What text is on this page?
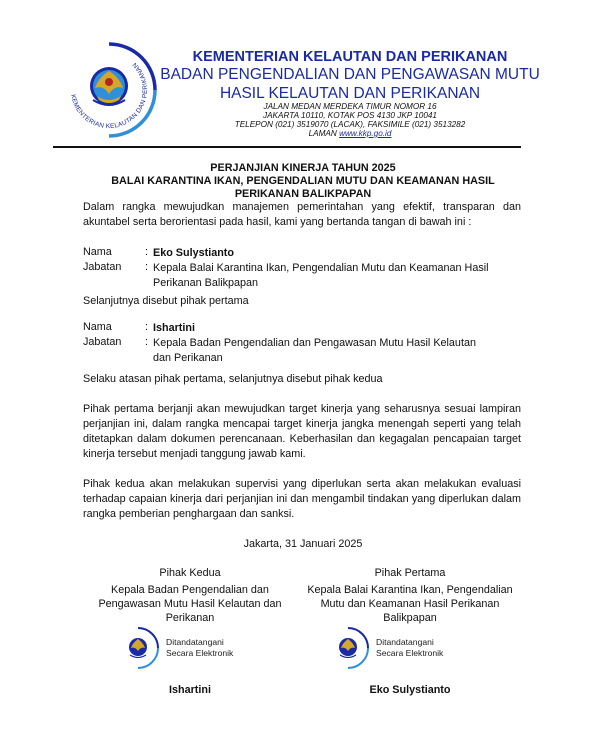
KEMENTERIAN KELAUTAN DAN PERIKANAN
KEMENTERIAN KELAUTAN DAN PERIKANAN
BADAN PENGENDALIAN DAN PENGAWASAN MUTU
HASIL KELAUTAN DAN PERIKANAN
JALAN MEDAN MERDEKA TIMUR NOMOR 16
JAKARTA 10110, KOTAK POS 4130 JKP 10041
TELEPON (021) 3519070 (LACAK), FAKSIMILE (021) 3513282
LAMAN www.kkp.go.id
PERJANJIAN KINERJA TAHUN 2025
BALAI KARANTINA IKAN, PENGENDALIAN MUTU DAN KEAMANAN HASIL
PERIKANAN BALIKPAPAN
Dalam rangka mewujudkan manajemen pemerintahan yang efektif, transparan dan akuntabel serta berorientasi pada hasil, kami yang bertanda tangan di bawah ini :
Nama	: Eko Sulystianto
Jabatan : Kepala Balai Karantina Ikan, Pengendalian Mutu dan Keamanan Hasil
Perikanan Balikpapan
Selanjutnya disebut pihak pertama
Nama	: Ishartini
Jabatan : Kepala Badan Pengendalian dan Pengawasan Mutu Hasil Kelautan
dan Perikanan
Selaku atasan pihak pertama, selanjutnya disebut pihak kedua
Pihak pertama berjanji akan mewujudkan target kinerja yang seharusnya sesuai lampiran perjanjian ini, dalam rangka mencapai target kinerja jangka menengah seperti yang telah ditetapkan dalam dokumen perencanaan. Keberhasilan dan kegagalan pencapaian target kinerja tersebut menjadi tanggung jawab kami.
Pihak kedua akan melakukan supervisi yang diperlukan serta akan melakukan evaluasi terhadap capaian kinerja dari perjanjian ini dan mengambil tindakan yang diperlukan dalam rangka pemberian penghargaan dan sanksi.
Jakarta, 31 Januari 2025
Pihak Kedua
Kepala Badan Pengendalian dan
Pengawasan Mutu Hasil Kelautan dan
Perikanan
Ditandatangani
Secara Elektronik
Ishartini
Pihak Pertama
Kepala Balai Karantina Ikan, Pengendalian
Mutu dan Keamanan Hasil Perikanan
Balikpapan
Ditandatangani
Secara Elektronik
Eko Sulystianto
